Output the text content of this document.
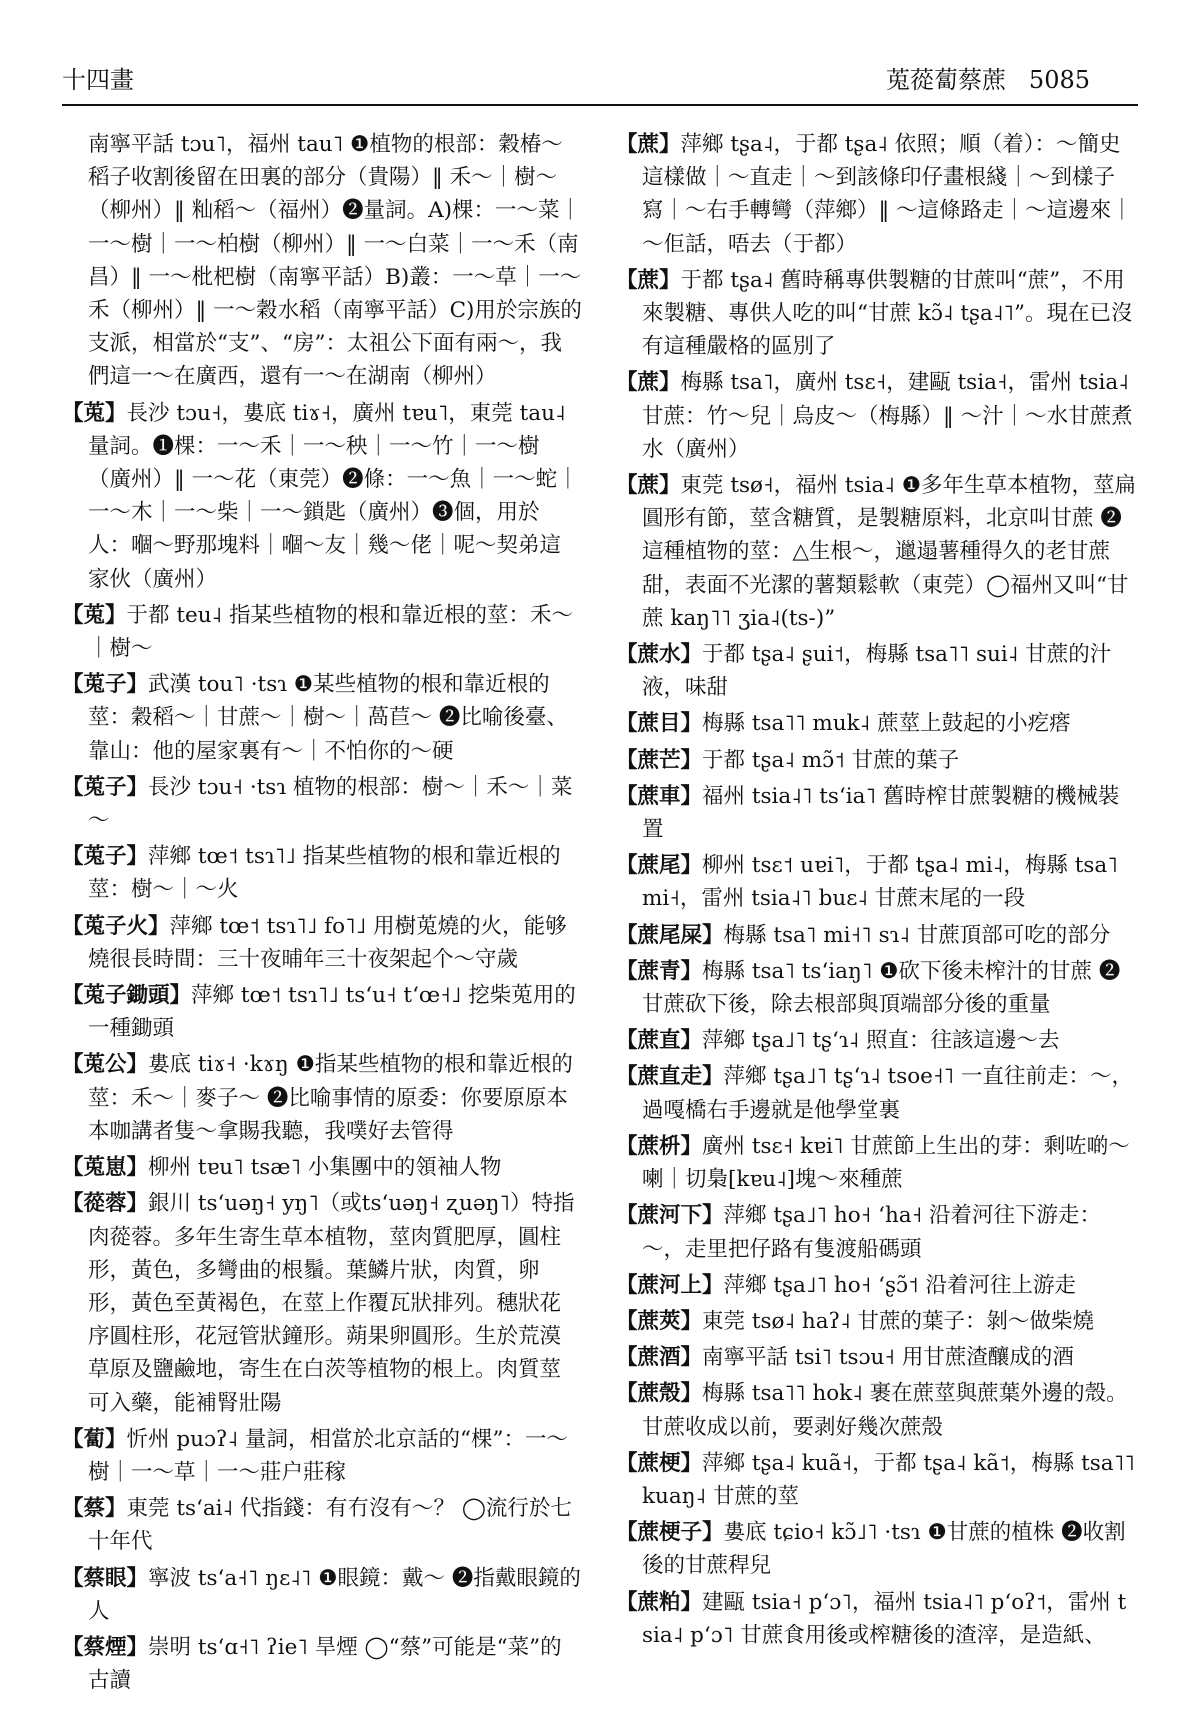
十四畫	莵蓯蔔蔡蔗 5085
南寧平話 tɔu˥，福州 tau˥ ❶植物的根部：穀椿～稻子收割後留在田裏的部分（貴陽）‖ 禾～｜樹～（柳州）‖ 籼稻～（福州）❷量詞。A)棵：一～菜｜一～樹｜一～柏樹（柳州）‖ 一～白菜｜一～禾（南昌）‖ 一～枇杷樹（南寧平話）B)叢：一～草｜一～禾（柳州）‖ 一～穀水稻（南寧平話）C)用於宗族的支派，相當於“支”、“房”：太祖公下面有兩～，我們這一～在廣西，還有一～在湖南（柳州）
【莵】長沙 tɔu˧，婁底 tiɤ˧，廣州 tɐu˥，東莞 tau˨ 量詞。❶棵：一～禾｜一～秧｜一～竹｜一～樹（廣州）‖ 一～花（東莞）❷條：一～魚｜一～蛇｜一～木｜一～柴｜一～鎖匙（廣州）❸個，用於人：嗰～野那塊料｜嗰～友｜幾～佬｜呢～契弟這家伙（廣州）
【莵】于都 teu˨ 指某些植物的根和靠近根的莖：禾～｜樹～
【莵子】武漢 tou˥ ·tsɿ ❶某些植物的根和靠近根的莖：穀稻～｜甘蔗～｜樹～｜萵苣～ ❷比喻後臺、靠山：他的屋家裏有～｜不怕你的～硬
【莵子】長沙 tɔu˧ ·tsɿ 植物的根部：樹～｜禾～｜菜～
【莵子】萍鄉 tœ˦ tsɿ˥˩ 指某些植物的根和靠近根的莖：樹～｜～火
【莵子火】萍鄉 tœ˦ tsɿ˥˩ fo˥˩ 用樹莵燒的火，能够燒很長時間：三十夜晡年三十夜架起个～守歲
【莵子鋤頭】萍鄉 tœ˦ tsɿ˥˩ tsʻu˧ tʻœ˧˩ 挖柴莵用的一種鋤頭
【莵公】婁底 tiɤ˧ ·kɤŋ ❶指某些植物的根和靠近根的莖：禾～｜麥子～ ❷比喻事情的原委：你要原原本本咖講者隻～拿賜我聽，我噗好去管得
【莵崽】柳州 tɐu˥ tsæ˥ 小集團中的領袖人物
【蓯蓉】銀川 tsʻuəŋ˧ yŋ˥（或tsʻuəŋ˧ ʐuəŋ˥）特指肉蓯蓉。多年生寄生草本植物，莖肉質肥厚，圓柱形，黃色，多彎曲的根鬚。葉鱗片狀，肉質，卵形，黃色至黃褐色，在莖上作覆瓦狀排列。穗狀花序圓柱形，花冠管狀鐘形。蒴果卵圓形。生於荒漠草原及鹽鹼地，寄生在白茨等植物的根上。肉質莖可入藥，能補腎壯陽
【蔔】忻州 puɔʔ˨ 量詞，相當於北京話的“棵”：一～樹｜一～草｜一～莊户莊稼
【蔡】東莞 tsʻai˨ 代指錢：有冇沒有～？ ◯流行於七十年代
【蔡眼】寧波 tsʻa˧˥ ŋɛ˨˥ ❶眼鏡：戴～ ❷指戴眼鏡的人
【蔡煙】崇明 tsʻɑ˧˥ ʔie˥ 旱煙 ◯“蔡”可能是“菜”的古讀
【蔗】萍鄉 tʂa˨，于都 tʂa˨ 依照；順（着）：～簡史這樣做｜～直走｜～到該條印仔畫根綫｜～到樣子寫｜～右手轉彎（萍鄉）‖ ～這條路走｜～這邊來｜～佢話，唔去（于都）
【蔗】于都 tʂa˨ 舊時稱專供製糖的甘蔗叫“蔗”，不用來製糖、專供人吃的叫“甘蔗 kɔ̃˨ tʂa˨˥”。現在已沒有這種嚴格的區別了
【蔗】梅縣 tsa˥，廣州 tsɛ˧，建甌 tsia˧，雷州 tsia˨ 甘蔗：竹～兒｜烏皮～（梅縣）‖ ～汁｜～水甘蔗煮水（廣州）
【蔗】東莞 tsø˧，福州 tsia˨ ❶多年生草本植物，莖扁圓形有節，莖含糖質，是製糖原料，北京叫甘蔗 ❷這種植物的莖：△生根～，邋遢薯種得久的老甘蔗甜，表面不光潔的薯類鬆軟（東莞）◯福州又叫“甘蔗 kaŋ˥˥ ʒia˨(ts-)”
【蔗水】于都 tʂa˨ ʂui˦，梅縣 tsa˥˥ sui˨ 甘蔗的汁液，味甜
【蔗目】梅縣 tsa˥˥ muk˨ 蔗莖上鼓起的小疙瘩
【蔗芒】于都 tʂa˨ mɔ̃˦ 甘蔗的葉子
【蔗車】福州 tsia˨˥ tsʻia˥ 舊時榨甘蔗製糖的機械裝置
【蔗尾】柳州 tsɛ˦ uɐi˥，于都 tʂa˨ mi˨，梅縣 tsa˥ mi˧，雷州 tsia˨˥ buɛ˨ 甘蔗末尾的一段
【蔗尾屎】梅縣 tsa˥ mi˧˥ sɿ˨ 甘蔗頂部可吃的部分
【蔗青】梅縣 tsa˥ tsʻiaŋ˥ ❶砍下後未榨汁的甘蔗 ❷甘蔗砍下後，除去根部與頂端部分後的重量
【蔗直】萍鄉 tʂa˩˥ tʂʻɿ˨ 照直：往該這邊～去
【蔗直走】萍鄉 tʂa˩˥ tʂʻɿ˨ tsoe˧˥ 一直往前走：～，過嘎橋右手邊就是他學堂裏
【蔗枡】廣州 tsɛ˧ kɐi˥ 甘蔗節上生出的芽：剩咗啲～喇｜切梟[kɐu˨]塊～來種蔗
【蔗河下】萍鄉 tʂa˩˥ ho˧ ʻha˧ 沿着河往下游走：～，走里把仔路有隻渡船碼頭
【蔗河上】萍鄉 tʂa˩˥ ho˧ ʻʂɔ̃˦ 沿着河往上游走
【蔗莢】東莞 tsø˨ haʔ˨ 甘蔗的葉子：剝～做柴燒
【蔗酒】南寧平話 tsi˥ tsɔu˧ 用甘蔗渣釀成的酒
【蔗殼】梅縣 tsa˥˥ hok˨ 裹在蔗莖與蔗葉外邊的殼。甘蔗收成以前，要剥好幾次蔗殼
【蔗梗】萍鄉 tʂa˨ kuã˧，于都 tʂa˨ kã˦，梅縣 tsa˥˥ kuaŋ˨ 甘蔗的莖
【蔗梗子】婁底 tɕio˧ kɔ̃˩˥ ·tsɿ ❶甘蔗的植株 ❷收割後的甘蔗稈兒
【蔗粕】建甌 tsia˧ pʻɔ˥，福州 tsia˨˥ pʻoʔ˦，雷州 tsia˨ pʻɔ˥ 甘蔗食用後或榨糖後的渣滓，是造紙、
